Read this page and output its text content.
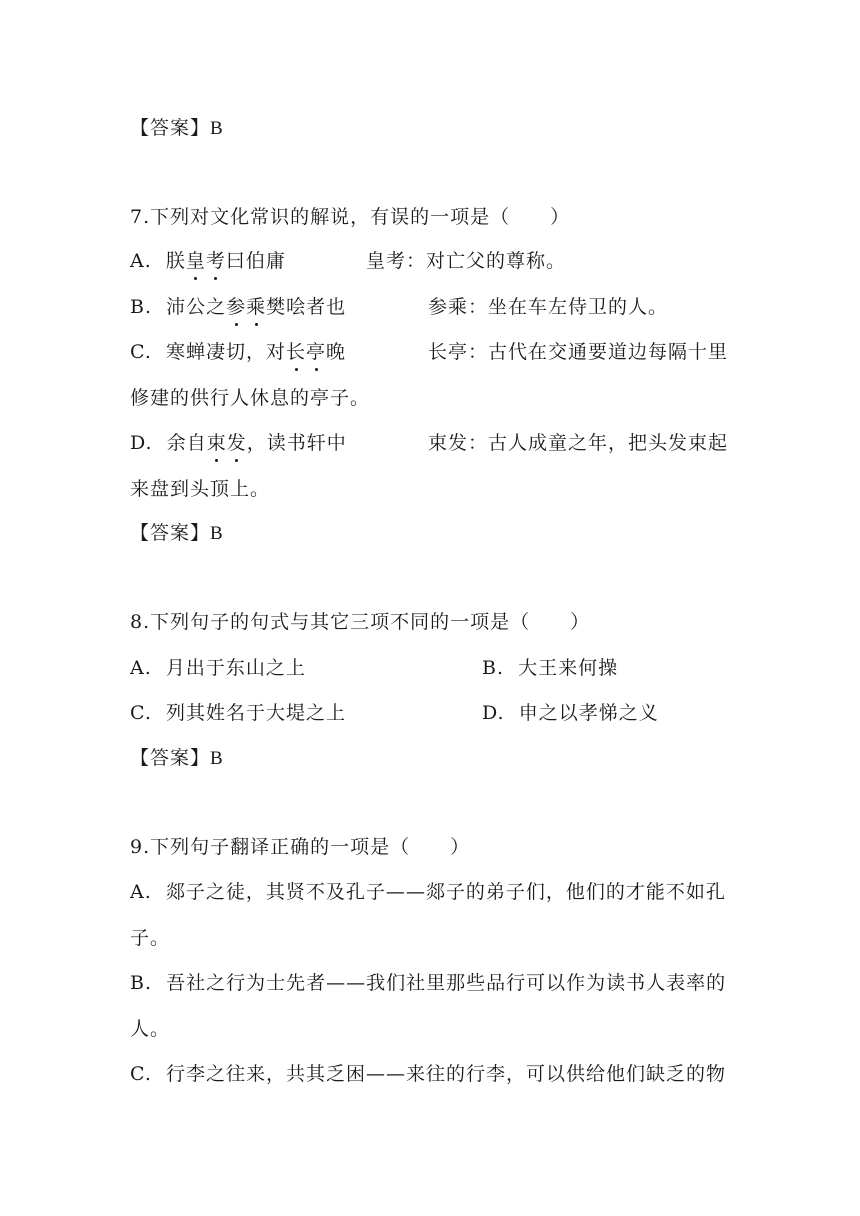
【答案】B
7.下列对文化常识的解说，有误的一项是（　　）
A. 朕皇考曰伯庸	皇考：对亡父的尊称。
B. 沛公之参乘樊哙者也	参乘：坐在车左侍卫的人。
C. 寒蝉凄切，对长亭晚	长亭：古代在交通要道边每隔十里
修建的供行人休息的亭子。
D. 余自束发，读书轩中	束发：古人成童之年，把头发束起
来盘到头顶上。
【答案】B
8.下列句子的句式与其它三项不同的一项是（　　）
A. 月出于东山之上	B. 大王来何操
C. 列其姓名于大堤之上	D. 申之以孝悌之义
【答案】B
9.下列句子翻译正确的一项是（　　）
A. 郯子之徒，其贤不及孔子——郯子的弟子们，他们的才能不如孔
子。
B. 吾社之行为士先者——我们社里那些品行可以作为读书人表率的
人。
C. 行李之往来，共其乏困——来往的行李，可以供给他们缺乏的物
